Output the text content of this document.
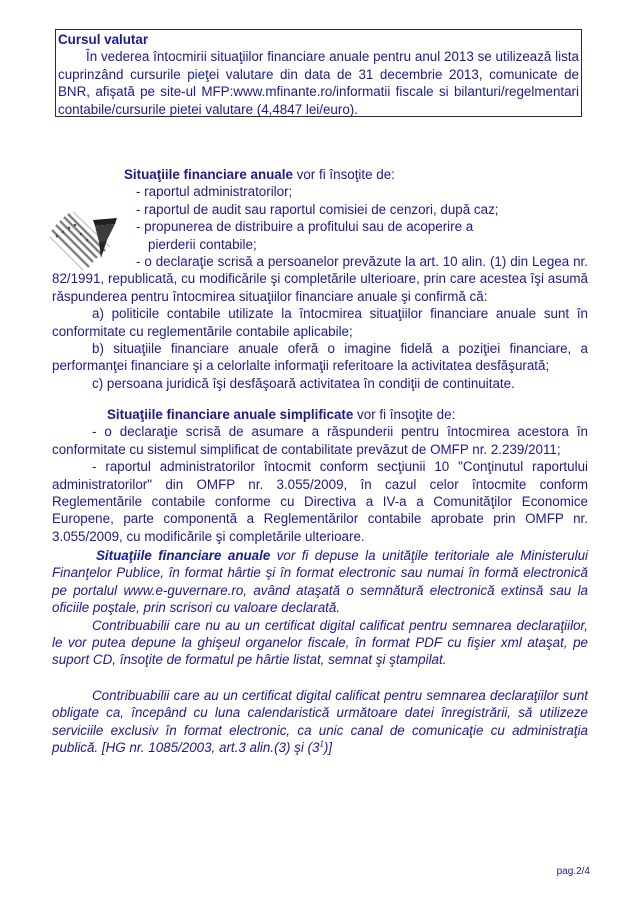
Cursul valutar

În vederea întocmirii situaţiilor financiare anuale pentru anul 2013 se utilizează lista cuprinzând cursurile pieţei valutare din data de 31 decembrie 2013, comunicate de BNR, afişată pe site-ul MFP:www.mfinante.ro/informatii fiscale si bilanturi/regelmentari contabile/cursurile pietei valutare (4,4847 lei/euro).

Situaţiile financiare anuale vor fi însoţite de:

- raportul administratorilor;

- raportul de audit sau raportul comisiei de cenzori, după caz;

- propunerea de distribuire a profitului sau de acoperire a

pierderii contabile;

- o declaraţie scrisă a persoanelor prevăzute la art. 10 alin. (1) din Legea nr. 82/1991, republicată, cu modificările şi completările ulterioare, prin care acestea îşi asumă răspunderea pentru întocmirea situaţiilor financiare anuale şi confirmă că:

a) politicile contabile utilizate la întocmirea situaţiilor financiare anuale sunt în conformitate cu reglementările contabile aplicabile;

b) situaţiile financiare anuale oferă o imagine fidelă a poziţiei financiare, a performanţei financiare şi a celorlalte informaţii referitoare la activitatea desfăşurată;

c) persoana juridică îşi desfăşoară activitatea în condiţii de continuitate.

Situaţiile financiare anuale simplificate vor fi însoţite de:

- o declaraţie scrisă de asumare a răspunderii pentru întocmirea acestora în conformitate cu sistemul simplificat de contabilitate prevăzut de OMFP nr. 2.239/2011;

- raportul administratorilor întocmit conform secţiunii 10 "Conţinutul raportului administratorilor" din OMFP nr. 3.055/2009, în cazul celor întocmite conform Reglementările contabile conforme cu Directiva a IV-a a Comunităţilor Economice Europene, parte componentă a Reglementărilor contabile aprobate prin OMFP nr. 3.055/2009, cu modificările şi completările ulterioare.

Situaţiile financiare anuale vor fi depuse la unităţile teritoriale ale Ministerului Finanţelor Publice, în format hârtie şi în format electronic sau numai în formă electronică pe portalul www.e-guvernare.ro, având ataşată o semnătură electronică extinsă sau la oficiile poştale, prin scrisori cu valoare declarată.

Contribuabilii care nu au un certificat digital calificat pentru semnarea declaraţiilor, le vor putea depune la ghişeul organelor fiscale, în format PDF cu fişier xml ataşat, pe suport CD, însoţite de formatul pe hârtie listat, semnat şi ştampilat.

Contribuabilii care au un certificat digital calificat pentru semnarea declaraţiilor sunt obligate ca, începând cu luna calendaristică următoare datei înregistrării, să utilizeze serviciile exclusiv în format electronic, ca unic canal de comunicaţie cu administraţia publică. [HG nr. 1085/2003, art.3 alin.(3) şi $(3^1)$]

pag.2/4
